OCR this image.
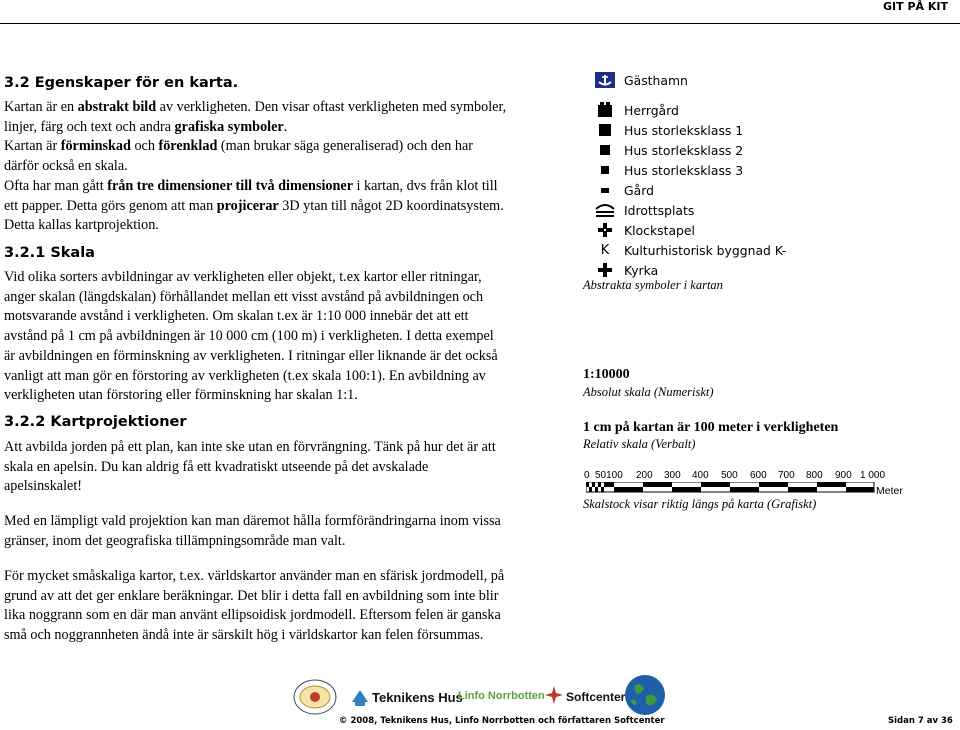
GIT PÅ KIT
3.2 Egenskaper för en karta.
Kartan är en abstrakt bild av verkligheten. Den visar oftast verkligheten med symboler,
linjer, färg och text och andra grafiska symboler.
Kartan är förminskad och förenklad (man brukar säga generaliserad) och den har
därför också en skala.
Ofta har man gått från tre dimensioner till två dimensioner i kartan, dvs från klot till
ett papper. Detta görs genom att man projicerar 3D ytan till något 2D koordinatsystem.
Detta kallas kartprojektion.
3.2.1 Skala
Vid olika sorters avbildningar av verkligheten eller objekt, t.ex kartor eller ritningar,
anger skalan (längdskalan) förhållandet mellan ett visst avstånd på avbildningen och
motsvarande avstånd i verkligheten. Om skalan t.ex är 1:10 000 innebär det att ett
avstånd på 1 cm på avbildningen är 10 000 cm (100 m) i verkligheten. I detta exempel
är avbildningen en förminskning av verkligheten. I ritningar eller liknande är det också
vanligt att man gör en förstoring av verkligheten (t.ex skala 100:1). En avbildning av
verkligheten utan förstoring eller förminskning har skalan 1:1.
3.2.2 Kartprojektioner
Att avbilda jorden på ett plan, kan inte ske utan en förvrängning. Tänk på hur det är att
skala en apelsin. Du kan aldrig få ett kvadratiskt utseende på det avskalade
apelsinskalet!
Med en lämpligt vald projektion kan man däremot hålla formförändringarna inom vissa
gränser, inom det geografiska tillämpningsområde man valt.
För mycket småskaliga kartor, t.ex. världskartor använder man en sfärisk jordmodell, på
grund av att det ger enklare beräkningar. Det blir i detta fall en avbildning som inte blir
lika noggrann som en där man använt ellipsoidisk jordmodell. Eftersom felen är ganska
små och noggrannheten ändå inte är särskilt hög i världskartor kan felen försummas.
Gästhamn
Herrgård
Hus storleksklass 1
Hus storleksklass 2
Hus storleksklass 3
Gård
Idrottsplats
Klockstapel
K Kulturhistorisk byggnad K-
Kyrka
Abstrakta symboler i kartan
1:10000
Absolut skala (Numeriskt)
1 cm på kartan är 100 meter i verkligheten
Relativ skala (Verbalt)
0 50100 200 300 400 500 600 700 800 900 1 000
Meter
Skalstock visar riktig längs på karta (Grafiskt)
Teknikens Hus
Linfo Norrbotten Softcenter
© 2008, Teknikens Hus, Linfo Norrbotten och författaren Softcenter	Sidan 7 av 36
